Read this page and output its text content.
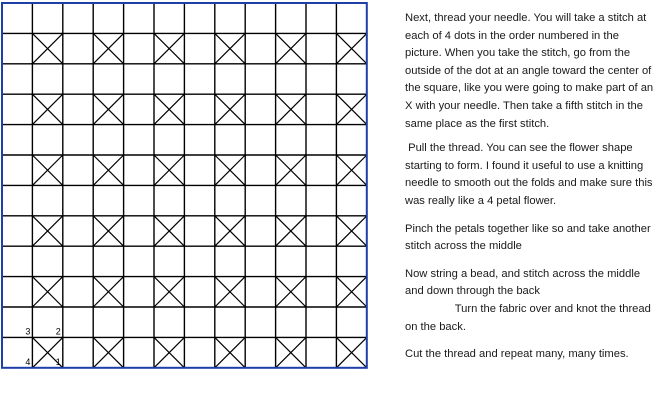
3	2
4	1

Next, thread your needle. You will take a stitch at each of 4 dots in the order numbered in the picture. When you take the stitch, go from the outside of the dot at an angle toward the center of the square, like you were going to make part of an X with your needle. Then take a fifth stitch in the same place as the first stitch.

Pull the thread. You can see the flower shape starting to form. I found it useful to use a knitting needle to smooth out the folds and make sure this was really like a 4 petal flower.

Pinch the petals together like so and take another stitch across the middle

Now string a bead, and stitch across the middle and down through the back

Turn the fabric over and knot the thread on the back.

Cut the thread and repeat many, many times.
